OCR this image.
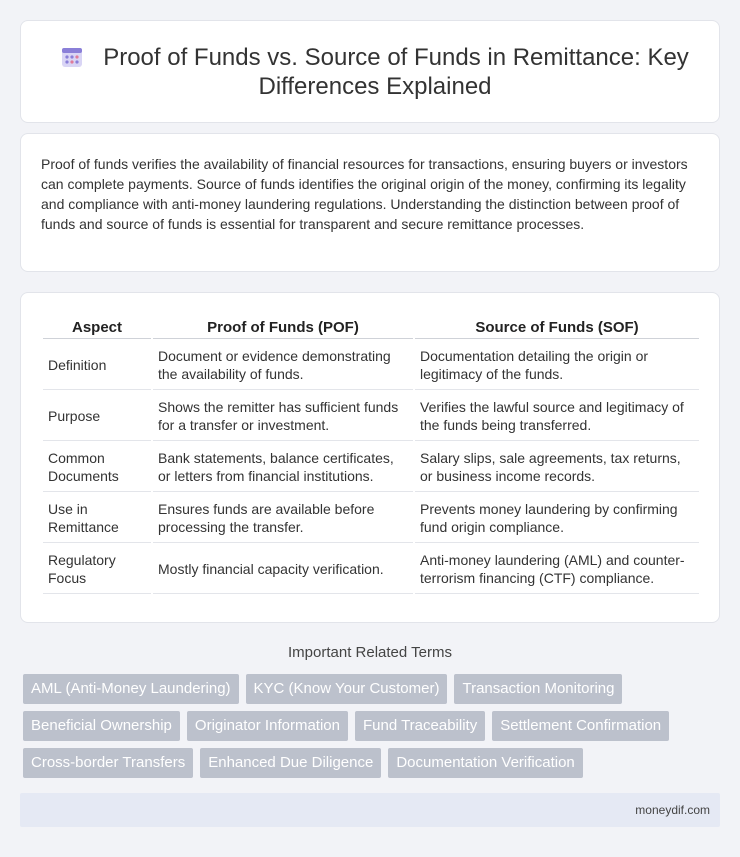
Proof of Funds vs. Source of Funds in Remittance: Key Differences Explained

Proof of funds verifies the availability of financial resources for transactions, ensuring buyers or investors can complete payments. Source of funds identifies the original origin of the money, confirming its legality and compliance with anti-money laundering regulations. Understanding the distinction between proof of funds and source of funds is essential for transparent and secure remittance processes.

Aspect	Proof of Funds (POF)	Source of Funds (SOF)
Definition	Document or evidence demonstrating the availability of funds.	Documentation detailing the origin or legitimacy of the funds.
Purpose	Shows the remitter has sufficient funds for a transfer or investment.	Verifies the lawful source and legitimacy of the funds being transferred.
Common Documents	Bank statements, balance certificates, or letters from financial institutions.	Salary slips, sale agreements, tax returns, or business income records.
Use in Remittance	Ensures funds are available before processing the transfer.	Prevents money laundering by confirming fund origin compliance.
Regulatory Focus	Mostly financial capacity verification.	Anti-money laundering (AML) and counter-terrorism financing (CTF) compliance.
Important Related Terms
AML (Anti-Money Laundering)	KYC (Know Your Customer)	Transaction Monitoring
Beneficial Ownership	Originator Information	Fund Traceability	Settlement Confirmation
Cross-border Transfers	Enhanced Due Diligence	Documentation Verification
moneydif.com
